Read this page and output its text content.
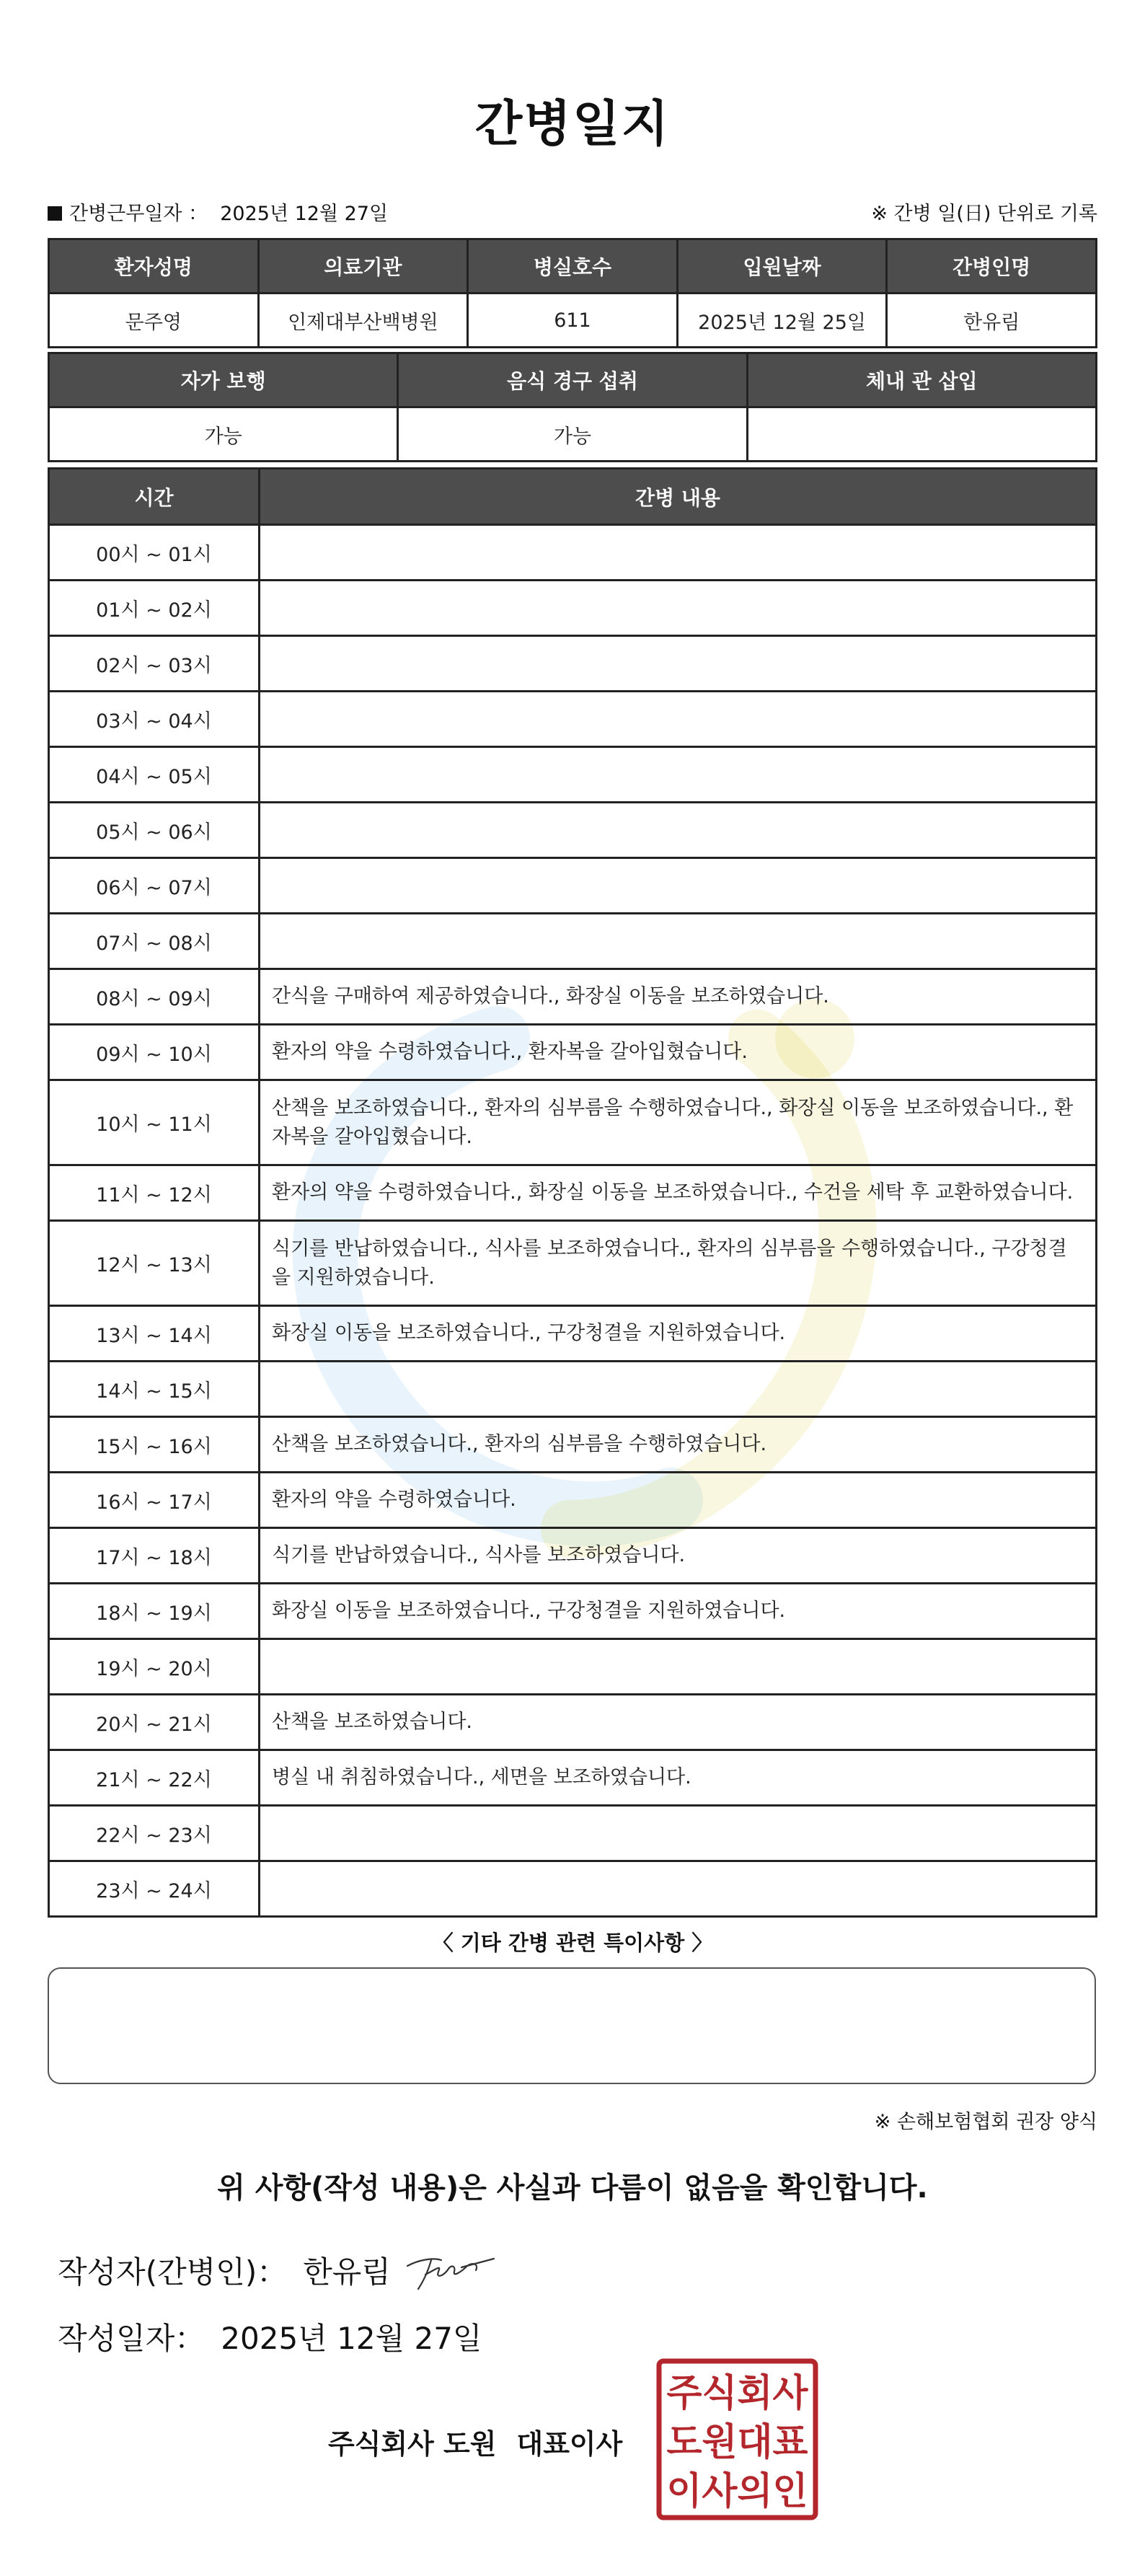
간병일지
간병근무일자 ： 2025년 12월 27일	※ 간병 일(日) 단위로 기록
환자성명	의료기관	병실호수	입원날짜	간병인명
문주영	인제대부산백병원	611	2025년 12월 25일	한유림
자가 보행	음식 경구 섭취	체내 관 삽입
가능	가능	
시간	간병 내용
00시 ~ 01시	
01시 ~ 02시	
02시 ~ 03시	
03시 ~ 04시	
04시 ~ 05시	
05시 ~ 06시	
06시 ~ 07시	
07시 ~ 08시	
08시 ~ 09시	간식을 구매하여 제공하였습니다., 화장실 이동을 보조하였습니다.
09시 ~ 10시	환자의 약을 수령하였습니다., 환자복을 갈아입혔습니다.
10시 ~ 11시	산책을 보조하였습니다., 환자의 심부름을 수행하였습니다., 화장실 이동을 보조하였습니다., 환자복을 갈아입혔습니다.
11시 ~ 12시	환자의 약을 수령하였습니다., 화장실 이동을 보조하였습니다., 수건을 세탁 후 교환하였습니다.
12시 ~ 13시	식기를 반납하였습니다., 식사를 보조하였습니다., 환자의 심부름을 수행하였습니다., 구강청결을 지원하였습니다.
13시 ~ 14시	화장실 이동을 보조하였습니다., 구강청결을 지원하였습니다.
14시 ~ 15시	
15시 ~ 16시	산책을 보조하였습니다., 환자의 심부름을 수행하였습니다.
16시 ~ 17시	환자의 약을 수령하였습니다.
17시 ~ 18시	식기를 반납하였습니다., 식사를 보조하였습니다.
18시 ~ 19시	화장실 이동을 보조하였습니다., 구강청결을 지원하였습니다.
19시 ~ 20시	
20시 ~ 21시	산책을 보조하였습니다.
21시 ~ 22시	병실 내 취침하였습니다., 세면을 보조하였습니다.
22시 ~ 23시	
23시 ~ 24시	
〈 기타 간병 관련 특이사항 〉
※ 손해보험협회 권장 양식
위 사항(작성 내용)은 사실과 다름이 없음을 확인합니다.
작성자(간병인)： 한유림
작성일자： 2025년 12월 27일
주식회사 도원 대표이사
주식회사
도원대표
이사의인
